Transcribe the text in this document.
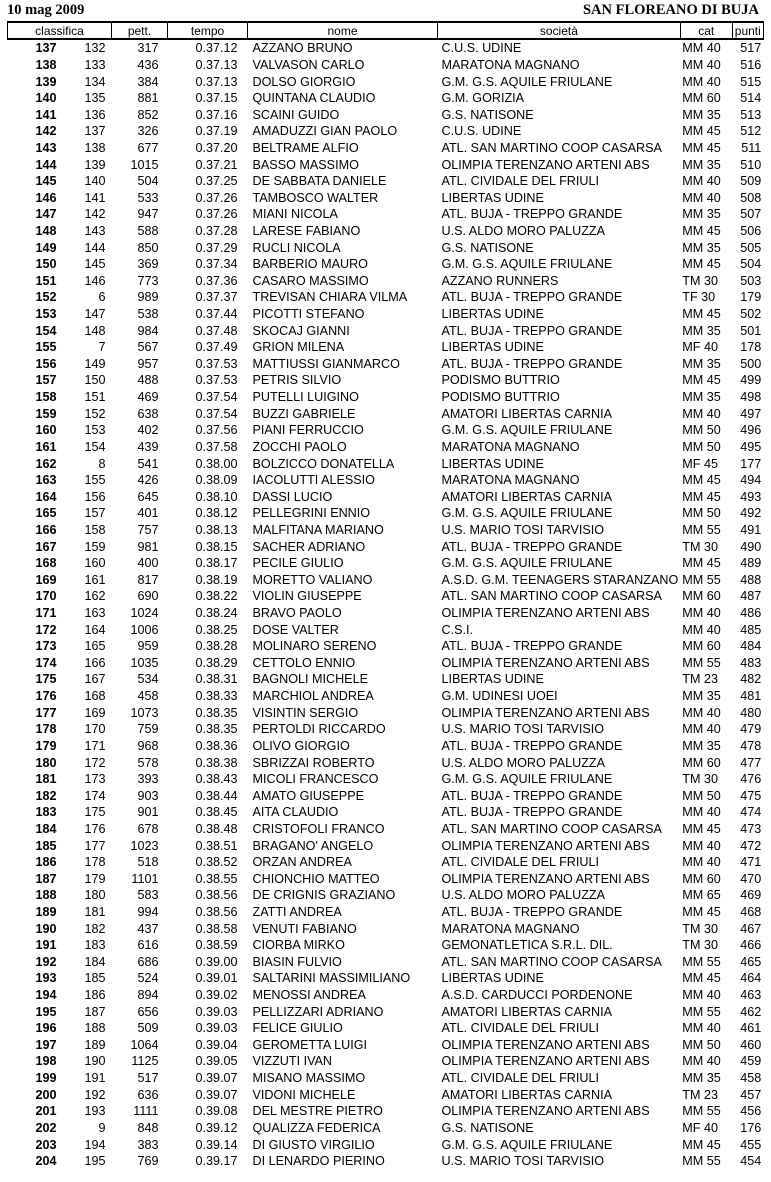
10 mag 2009	SAN FLOREANO DI BUJA
classifica		pett.	tempo	nome	società	cat	punti
137	132	317	0.37.12	AZZANO BRUNO	C.U.S. UDINE	MM 40	517
138	133	436	0.37.13	VALVASON CARLO	MARATONA MAGNANO	MM 40	516
139	134	384	0.37.13	DOLSO GIORGIO	G.M. G.S. AQUILE FRIULANE	MM 40	515
140	135	881	0.37.15	QUINTANA CLAUDIO	G.M. GORIZIA	MM 60	514
141	136	852	0.37.16	SCAINI GUIDO	G.S. NATISONE	MM 35	513
142	137	326	0.37.19	AMADUZZI GIAN PAOLO	C.U.S. UDINE	MM 45	512
143	138	677	0.37.20	BELTRAME ALFIO	ATL. SAN MARTINO COOP CASARSA	MM 45	511
144	139	1015	0.37.21	BASSO MASSIMO	OLIMPIA TERENZANO ARTENI ABS	MM 35	510
145	140	504	0.37.25	DE SABBATA DANIELE	ATL. CIVIDALE DEL FRIULI	MM 40	509
146	141	533	0.37.26	TAMBOSCO WALTER	LIBERTAS UDINE	MM 40	508
147	142	947	0.37.26	MIANI NICOLA	ATL. BUJA - TREPPO GRANDE	MM 35	507
148	143	588	0.37.28	LARESE FABIANO	U.S. ALDO MORO PALUZZA	MM 45	506
149	144	850	0.37.29	RUCLI NICOLA	G.S. NATISONE	MM 35	505
150	145	369	0.37.34	BARBERIO MAURO	G.M. G.S. AQUILE FRIULANE	MM 45	504
151	146	773	0.37.36	CASARO MASSIMO	AZZANO RUNNERS	TM 30	503
152	6	989	0.37.37	TREVISAN CHIARA VILMA	ATL. BUJA - TREPPO GRANDE	TF 30	179
153	147	538	0.37.44	PICOTTI STEFANO	LIBERTAS UDINE	MM 45	502
154	148	984	0.37.48	SKOCAJ GIANNI	ATL. BUJA - TREPPO GRANDE	MM 35	501
155	7	567	0.37.49	GRION MILENA	LIBERTAS UDINE	MF 40	178
156	149	957	0.37.53	MATTIUSSI GIANMARCO	ATL. BUJA - TREPPO GRANDE	MM 35	500
157	150	488	0.37.53	PETRIS SILVIO	PODISMO BUTTRIO	MM 45	499
158	151	469	0.37.54	PUTELLI LUIGINO	PODISMO BUTTRIO	MM 35	498
159	152	638	0.37.54	BUZZI GABRIELE	AMATORI LIBERTAS CARNIA	MM 40	497
160	153	402	0.37.56	PIANI FERRUCCIO	G.M. G.S. AQUILE FRIULANE	MM 50	496
161	154	439	0.37.58	ZOCCHI PAOLO	MARATONA MAGNANO	MM 50	495
162	8	541	0.38.00	BOLZICCO DONATELLA	LIBERTAS UDINE	MF 45	177
163	155	426	0.38.09	IACOLUTTI ALESSIO	MARATONA MAGNANO	MM 45	494
164	156	645	0.38.10	DASSI LUCIO	AMATORI LIBERTAS CARNIA	MM 45	493
165	157	401	0.38.12	PELLEGRINI ENNIO	G.M. G.S. AQUILE FRIULANE	MM 50	492
166	158	757	0.38.13	MALFITANA MARIANO	U.S. MARIO TOSI TARVISIO	MM 55	491
167	159	981	0.38.15	SACHER ADRIANO	ATL. BUJA - TREPPO GRANDE	TM 30	490
168	160	400	0.38.17	PECILE GIULIO	G.M. G.S. AQUILE FRIULANE	MM 45	489
169	161	817	0.38.19	MORETTO VALIANO	A.S.D. G.M. TEENAGERS STARANZANO	MM 55	488
170	162	690	0.38.22	VIOLIN GIUSEPPE	ATL. SAN MARTINO COOP CASARSA	MM 60	487
171	163	1024	0.38.24	BRAVO PAOLO	OLIMPIA TERENZANO ARTENI ABS	MM 40	486
172	164	1006	0.38.25	DOSE VALTER	C.S.I.	MM 40	485
173	165	959	0.38.28	MOLINARO SERENO	ATL. BUJA - TREPPO GRANDE	MM 60	484
174	166	1035	0.38.29	CETTOLO ENNIO	OLIMPIA TERENZANO ARTENI ABS	MM 55	483
175	167	534	0.38.31	BAGNOLI MICHELE	LIBERTAS UDINE	TM 23	482
176	168	458	0.38.33	MARCHIOL ANDREA	G.M. UDINESI UOEI	MM 35	481
177	169	1073	0.38.35	VISINTIN SERGIO	OLIMPIA TERENZANO ARTENI ABS	MM 40	480
178	170	759	0.38.35	PERTOLDI RICCARDO	U.S. MARIO TOSI TARVISIO	MM 40	479
179	171	968	0.38.36	OLIVO GIORGIO	ATL. BUJA - TREPPO GRANDE	MM 35	478
180	172	578	0.38.38	SBRIZZAI ROBERTO	U.S. ALDO MORO PALUZZA	MM 60	477
181	173	393	0.38.43	MICOLI FRANCESCO	G.M. G.S. AQUILE FRIULANE	TM 30	476
182	174	903	0.38.44	AMATO GIUSEPPE	ATL. BUJA - TREPPO GRANDE	MM 50	475
183	175	901	0.38.45	AITA CLAUDIO	ATL. BUJA - TREPPO GRANDE	MM 40	474
184	176	678	0.38.48	CRISTOFOLI FRANCO	ATL. SAN MARTINO COOP CASARSA	MM 45	473
185	177	1023	0.38.51	BRAGANO' ANGELO	OLIMPIA TERENZANO ARTENI ABS	MM 40	472
186	178	518	0.38.52	ORZAN ANDREA	ATL. CIVIDALE DEL FRIULI	MM 40	471
187	179	1101	0.38.55	CHIONCHIO MATTEO	OLIMPIA TERENZANO ARTENI ABS	MM 60	470
188	180	583	0.38.56	DE CRIGNIS GRAZIANO	U.S. ALDO MORO PALUZZA	MM 65	469
189	181	994	0.38.56	ZATTI ANDREA	ATL. BUJA - TREPPO GRANDE	MM 45	468
190	182	437	0.38.58	VENUTI FABIANO	MARATONA MAGNANO	TM 30	467
191	183	616	0.38.59	CIORBA MIRKO	GEMONATLETICA S.R.L. DIL.	TM 30	466
192	184	686	0.39.00	BIASIN FULVIO	ATL. SAN MARTINO COOP CASARSA	MM 55	465
193	185	524	0.39.01	SALTARINI MASSIMILIANO	LIBERTAS UDINE	MM 45	464
194	186	894	0.39.02	MENOSSI ANDREA	A.S.D. CARDUCCI PORDENONE	MM 40	463
195	187	656	0.39.03	PELLIZZARI ADRIANO	AMATORI LIBERTAS CARNIA	MM 55	462
196	188	509	0.39.03	FELICE GIULIO	ATL. CIVIDALE DEL FRIULI	MM 40	461
197	189	1064	0.39.04	GEROMETTA LUIGI	OLIMPIA TERENZANO ARTENI ABS	MM 50	460
198	190	1125	0.39.05	VIZZUTI IVAN	OLIMPIA TERENZANO ARTENI ABS	MM 40	459
199	191	517	0.39.07	MISANO MASSIMO	ATL. CIVIDALE DEL FRIULI	MM 35	458
200	192	636	0.39.07	VIDONI MICHELE	AMATORI LIBERTAS CARNIA	TM 23	457
201	193	1111	0.39.08	DEL MESTRE PIETRO	OLIMPIA TERENZANO ARTENI ABS	MM 55	456
202	9	848	0.39.12	QUALIZZA FEDERICA	G.S. NATISONE	MF 40	176
203	194	383	0.39.14	DI GIUSTO VIRGILIO	G.M. G.S. AQUILE FRIULANE	MM 45	455
204	195	769	0.39.17	DI LENARDO PIERINO	U.S. MARIO TOSI TARVISIO	MM 55	454
